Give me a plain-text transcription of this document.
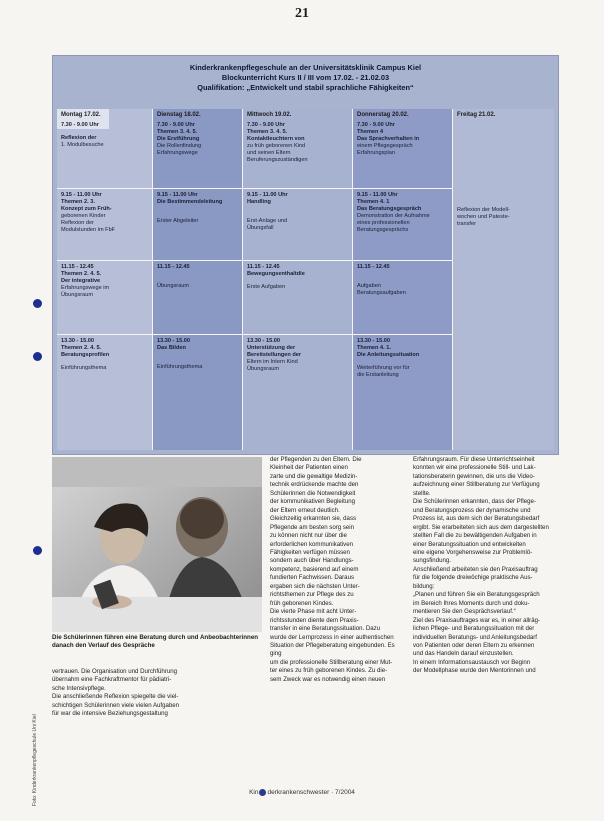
21
Kinderkrankenpflegeschule an der Universitätsklinik Campus Kiel
Blockunterricht Kurs II / III vom 17.02. - 21.02.03
Qualifikation: „Entwickelt und stabil sprachliche Fähigkeiten“
Montag 17.02.

7.30 - 9.00 Uhr

Reflexion der

1. Modulbesuche

9.15 - 11.00 Uhr

Themen 2. 3.

Konzept zum Früh-

geborenen Kinder

Reflexion der

Modulstunden im FbF

11.15 - 12.45

Themen 2. 4. 5.

Der integrative

Erfahrungswege im

Übungsraum

13.30 - 15.00

Themen 2. 4. 5.

Beratungsprofilen

Einführungsthema

Dienstag 18.02.

7.30 - 9.00 Uhr

Themen 3. 4. 5.

Die Erstführung

Die Rollenfindung

Erfahrungswege

9.15 - 11.00 Uhr

Die Bestimmendeleitung

Erster Abgeleiter

11.15 - 12.45

Übungsraum

13.30 - 15.00

Das Bilden

Einführungsthema

Mittwoch 19.02.

7.30 - 9.00 Uhr

Themen 3. 4. 5.

Kontaktleuchtern von

zu früh geborenen Kind

und seinen Eltern

Beruferungszuständigen

9.15 - 11.00 Uhr

Handling

Erst-Anlage und

Übungsfall

11.15 - 12.45

Bewegungsenthaltdie

Erste Aufgaben

13.30 - 15.00

Unterstützung der

Bereitstellungen der

Eltern im Intern Kind

Übungsraum

Donnerstag 20.02.

7.30 - 9.00 Uhr

Themen 4

Das Sprachverhalten in

einem Pflegegespräch

Erfahrungsplan

9.15 - 11.00 Uhr

Themen 4. 1

Das Beratungsgespräch

Demonstration der Aufnahme

eines professionellen

Beratungsgesprächs

11.15 - 12.45

Aufgaben

Beratungsaufgaben

13.30 - 15.00

Themen 4. 1.

Die Anleitungssituation

Weiterführung vor für

die Erstanleitung

Freitag 21.02.

Reflexion der Modell-

wochen und Pateste-

transfer

Die Schülerinnen führen eine Beratung durch und Anbeobachterinnen danach den Verlauf des Gespräche
Foto: Kinderkrankenpflegeschule Uni Kiel

vertrauen. Die Organisation und Durchführung

übernahm eine Fachkraftmentor für pädiatri-

sche Intensivpflege.

Die anschließende Reflexion spiegelte die viel-

schichtigen Schülerinnen viele vielen Aufgaben

für war die intensive Beziehungsgestaltung

der Pflegenden zu den Eltern. Die

Kleinheit der Patienten einen

zarte und die gewaltige Medizin-

technik erdrückende machte den

Schülerinnen die Notwendigkeit

der kommunikativen Begleitung

der Eltern erneut deutlich.

Gleichzeitig erkannten sie, dass

Pflegende am besten sorg sein

zu können nicht nur über die

erforderlichen kommunikativen

Fähigkeiten verfügen müssen

sondern auch über Handlungs-

kompetenz, basierend auf einem

fundierten Fachwissen. Daraus

ergaben sich die nächsten Unter-

richtsthemen zur Pflege des zu

früh geborenen Kindes.

Die vierte Phase mit acht Unter-

richtsstunden diente dem Praxis-

transfer in eine Beratungssituation. Dazu

wurde der Lernprozess in einer authentischen

Situation der Pflegeberatung eingebunden. Es ging

um die professionelle Stillberatung einer Mut-

ter eines zu früh geborenen Kindes. Zu die-

sem Zweck war es notwendig einen neuen

Erfahrungsraum. Für diese Unterrichtseinheit

konnten wir eine professionelle Still- und Lak-

tationsberaterin gewinnen, die uns die Video-

aufzeichnung einer Stillberatung zur Verfügung

stellte.

Die Schülerinnen erkannten, dass der Pflege-

und Beratungsprozess der dynamische und

Prozess ist, aus dem sich der Beratungsbedarf

ergibt. Sie erarbeiteten sich aus dem dargestellten

stellten Fall die zu bewältigenden Aufgaben in

einer Beratungssituation und entwickelten

eine eigene Vorgehensweise zur Problemlö-

sungsfindung.

Anschließend arbeiteten sie den Praxisauftrag

für die folgende dreiwöchige praktische Aus-

bildung:

„Planen und führen Sie ein Beratungsgespräch

im Bereich Ihres Moments durch und doku-

mentieren Sie den Gesprächsverlauf.“

Ziel des Praxisauftrages war es, in einer allräg-

lichen Pflege- und Beratungssituation mit der

individuellen Beratungs- und Anleitungsbedarf

von Patienten oder deren Eltern zu erkennen

und das Handeln darauf einzustellen.

In einem Informationsaustausch vor Beginn

der Modellphase wurde den Mentorinnen und

Kin derkrankenschwester · 7/2004
